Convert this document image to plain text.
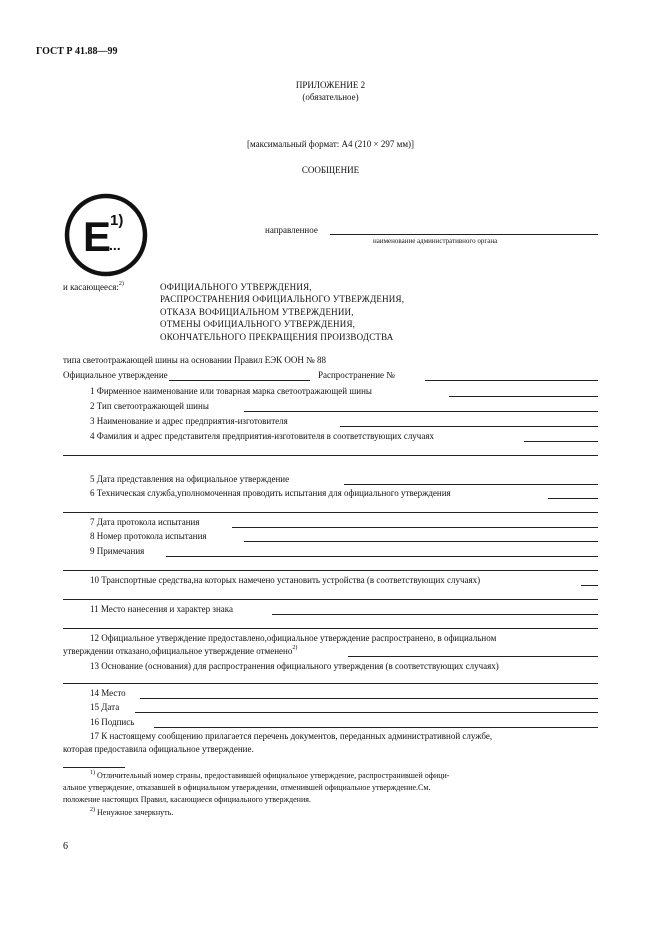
ГОСТ Р 41.88—99
ПРИЛОЖЕНИЕ 2
(обязательное)
[максимальный формат: А4 (210 × 297 мм)]
СООБЩЕНИЕ
E
1)
...
направленное
наименование административного органа
и касающееся:$^{2)}$	ОФИЦИАЛЬНОГО УТВЕРЖДЕНИЯ,
РАСПРОСТРАНЕНИЯ ОФИЦИАЛЬНОГО УТВЕРЖДЕНИЯ,
ОТКАЗА ВОФИЦИАЛЬНОМ УТВЕРЖДЕНИИ,
ОТМЕНЫ ОФИЦИАЛЬНОГО УТВЕРЖДЕНИЯ,
ОКОНЧАТЕЛЬНОГО ПРЕКРАЩЕНИЯ ПРОИЗВОДСТВА
типа светоотражающей шины на основании Правил ЕЭК ООН № 88
Официальное утверждение	Распространение №
1 Фирменное наименование или товарная марка светоотражающей шины
2 Тип светоотражающей шины
3 Наименование и адрес предприятия-изготовителя
4 Фамилия и адрес представителя предприятия-изготовителя в соответствующих случаях
5 Дата представления на официальное утверждение
6 Техническая служба,уполномоченная проводить испытания для официального утверждения
7 Дата протокола испытания
8 Номер протокола испытания
9 Примечания
10 Транспортные средства,на которых намечено установить устройства (в соответствующих случаях)
11 Место нанесения и характер знака
12 Официальное утверждение предоставлено,официальное утверждение распространено, в официальном
утверждении отказано,официальное утверждение отменено$^{2)}$
13 Основание (основания) для распространения официального утверждения (в соответствующих случаях)
14 Место
15 Дата
16 Подпись
17 К настоящему сообщению прилагается перечень документов, переданных административной службе,
которая предоставила официальное утверждение.
$^{1)}$ Отличительный номер страны, предоставившей официальное утверждение, распространившей офици-
альное утверждение, отказавшей в официальном утверждении, отменившей официальное утверждение.См.
положение настоящих Правил, касающиеся официального утверждения.
$^{2)}$ Ненужное зачеркнуть.
6
